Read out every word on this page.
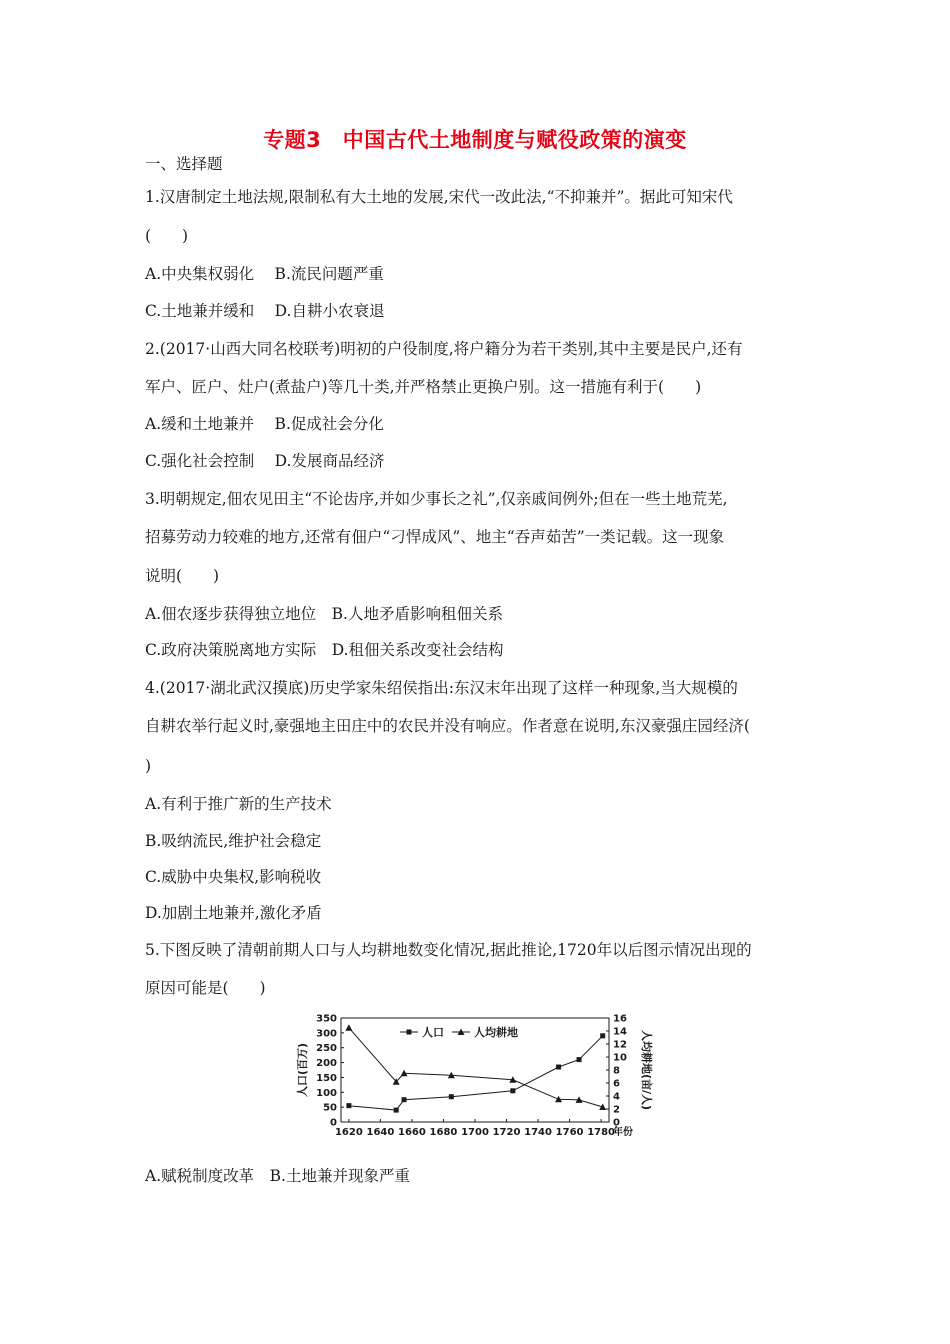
专题3　中国古代土地制度与赋役政策的演变
一、选择题
1.汉唐制定土地法规,限制私有大土地的发展,宋代一改此法,“不抑兼并”。据此可知宋代
(　　)
A.中央集权弱化　 B.流民问题严重
C.土地兼并缓和　 D.自耕小农衰退
2.(2017·山西大同名校联考)明初的户役制度,将户籍分为若干类别,其中主要是民户,还有
军户、匠户、灶户(煮盐户)等几十类,并严格禁止更换户别。这一措施有利于(　　)
A.缓和土地兼并　 B.促成社会分化
C.强化社会控制　 D.发展商品经济
3.明朝规定,佃农见田主“不论齿序,并如少事长之礼”,仅亲戚间例外;但在一些土地荒芜,
招募劳动力较难的地方,还常有佃户“刁悍成风”、地主“吞声茹苦”一类记载。这一现象
说明(　　)
A.佃农逐步获得独立地位　B.人地矛盾影响租佃关系
C.政府决策脱离地方实际　D.租佃关系改变社会结构
4.(2017·湖北武汉摸底)历史学家朱绍侯指出:东汉末年出现了这样一种现象,当大规模的
自耕农举行起义时,豪强地主田庄中的农民并没有响应。作者意在说明,东汉豪强庄园经济(
)
A.有利于推广新的生产技术
B.吸纳流民,维护社会稳定
C.威胁中央集权,影响税收
D.加剧土地兼并,激化矛盾
5.下图反映了清朝前期人口与人均耕地数变化情况,据此推论,1720年以后图示情况出现的
原因可能是(　　)
0
50
100
150
200
250
300
350
0
2
4
6
8
10
12
14
16
1620 1640 1660 1680 1700 1720 1740 1760 1780
年份
人口(百万)	人均耕地(亩/人)
人口	人均耕地
A.赋税制度改革　B.土地兼并现象严重
